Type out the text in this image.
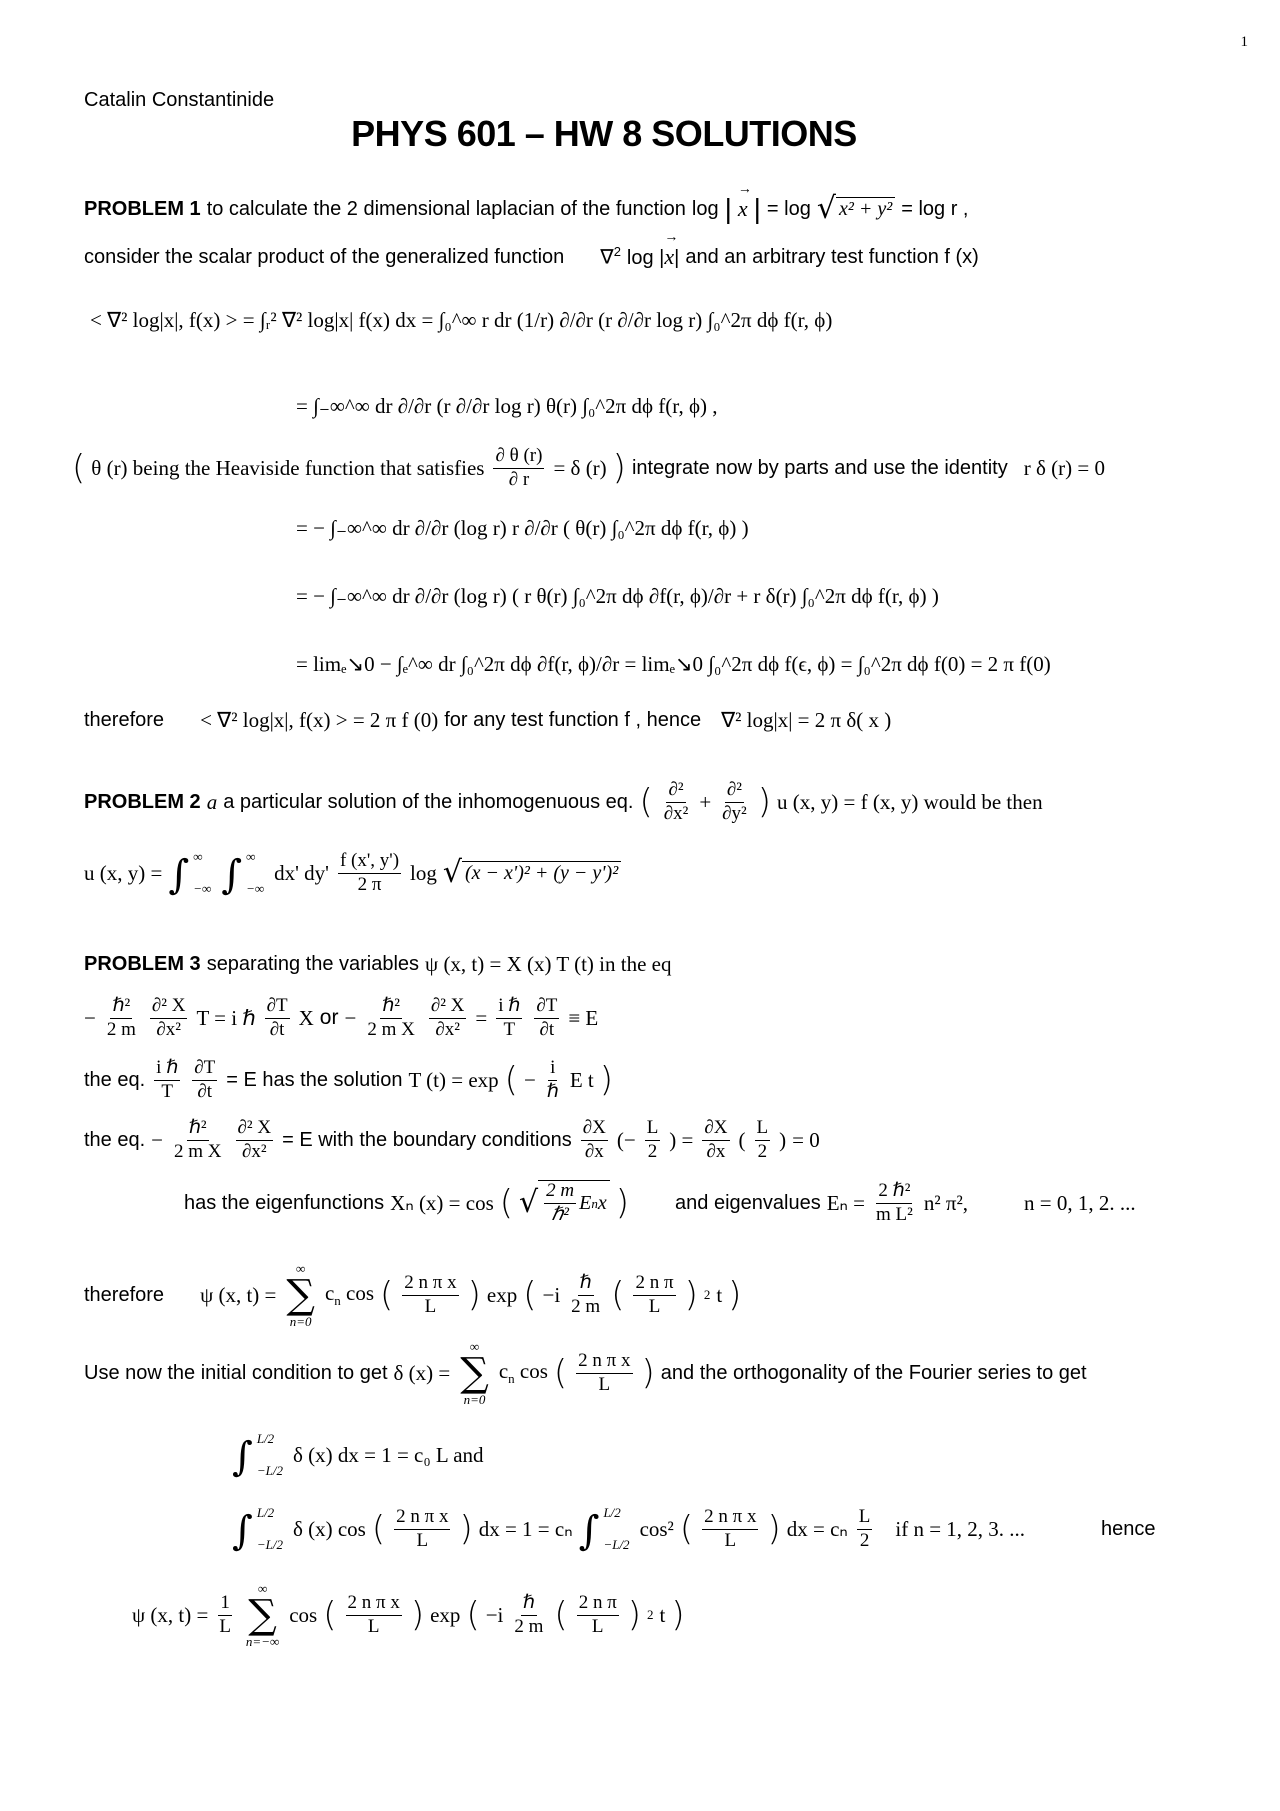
1
Catalin Constantinide
PHYS 601 – HW 8 SOLUTIONS
PROBLEM 1 to calculate the 2 dimensional laplacian of the function log |
→ x | = log √ x² + y² = log r ,
consider the scalar product of the generalized function ∇$^2$ log |→ x| and an arbitrary test function f (x)
< ∇² log|x|, f(x) > = ∫ᵣ² ∇² log|x| f(x) dx = ∫₀^∞ r dr (1/r) ∂/∂r (r ∂/∂r log r) ∫₀^2π dϕ f(r, ϕ)
= ∫₋∞^∞ dr ∂/∂r (r ∂/∂r log r) θ(r) ∫₀^2π dϕ f(r, ϕ) ,
( θ (r) being the Heaviside function that satisfies $\frac{\partial \theta (r)}{\partial r} = \delta$ (r) ) integrate now by parts and use the identity r δ (r) = 0
= − ∫₋∞^∞ dr ∂/∂r (log r) r ∂/∂r ( θ(r) ∫₀^2π dϕ f(r, ϕ) )
= − ∫₋∞^∞ dr ∂/∂r (log r) ( r θ(r) ∫₀^2π dϕ ∂f(r, ϕ)/∂r + r δ(r) ∫₀^2π dϕ f(r, ϕ) )
= limₑ↘0 − ∫ₑ^∞ dr ∫₀^2π dϕ ∂f(r, ϕ)/∂r = limₑ↘0 ∫₀^2π dϕ f(ϵ, ϕ) = ∫₀^2π dϕ f(0) = 2 π f(0)
therefore < ∇² log|x|, f(x) > = 2 π f (0) for any test function f , hence ∇² log|x| = 2 π δ( x )
PROBLEM 2 a a particular solution of the inhomogenuous eq. ( $\frac{\text{∂²}}{\text{∂x²}} + \frac{\text{∂²}}{\text{∂y²}}$ ) u (x, y) = f (x, y) would be then
u (x, y) = ∫ ∞
−∞ ∫ ∞
−∞
dx' $dy' \frac{f (x', y')}{2 \pi}$ log √ (x − x')² + (y − y')²
PROBLEM 3 separating the variables ψ (x, t) = X (x) T (t) in the eq
− $\frac{\text{ℏ²}}{2 m} \frac{\text{∂² X}}{\text{∂x²}}$ T = i ℏ $\frac{\partial T}{\partial t}$ X or − $\frac{\text{ℏ²}}{\text{2 m X}} \frac{\text{∂² X}}{\text{∂x²}} = \frac{\text{i ℏ}}{T} \frac{\partial T}{\partial t} \equiv E$
the eq. $\frac{\text{i ℏ}}{T} \frac{\partial T}{\partial t} = E$ has the solution T (t) = exp ( − $\frac{i}{\text{ℏ}}$ E t )
the eq. − $\frac{\text{ℏ²}}{\text{2 m X}} \frac{\text{∂² X}}{\text{∂x²}} = E$ with the boundary conditions $\frac{\partial X}{\partial x}$ (− $\frac{L}{2}$ ) = $\frac{\partial X}{\partial x}$ ( $\frac{L}{2}$ ) = 0
has the eigenfunctions Xₙ (x) = cos ( √ $\frac{2 m}{\text{ℏ²}}$ E n x ) and eigenvalues $E_n = \frac{\text{2 ℏ²}}{\text{m L²}} n^2$ π²,	n = 0, 1, 2. ...
therefore ψ (x, t) =
∞
∑
n=0
$c_n$ cos ( $\frac{\text{2 n π x}}{L}$ ) exp ( $-i \frac{\text{ℏ}}{2 m}$ ( $\frac{\text{2 n π}}{L}$ ) 2 t )
Use now the initial condition to get δ (x) =
∞
∑
n=0
$c_n$ cos ( $\frac{\text{2 n π x}}{L}$ ) and the orthogonality of the Fourier series to get
∫ L/2
−L/2
δ (x) dx = 1 = c₀ L and
∫ L/2
−L/2
δ (x) cos ( $\frac{\text{2 n π x}}{L}$ ) dx = 1 = cₙ ∫ L/2
−L/2
cos² ( $\frac{\text{2 n π x}}{L}$ ) dx = cₙ $\frac{L}{2}$ if n = 1, 2, 3. ...	hence
ψ (x, $t) = \frac{1}{L}$
∞
∑
n=−∞
cos ( $\frac{\text{2 n π x}}{L}$ ) exp ( $-i \frac{\text{ℏ}}{2 m}$ ( $\frac{\text{2 n π}}{L}$ ) 2 t )
